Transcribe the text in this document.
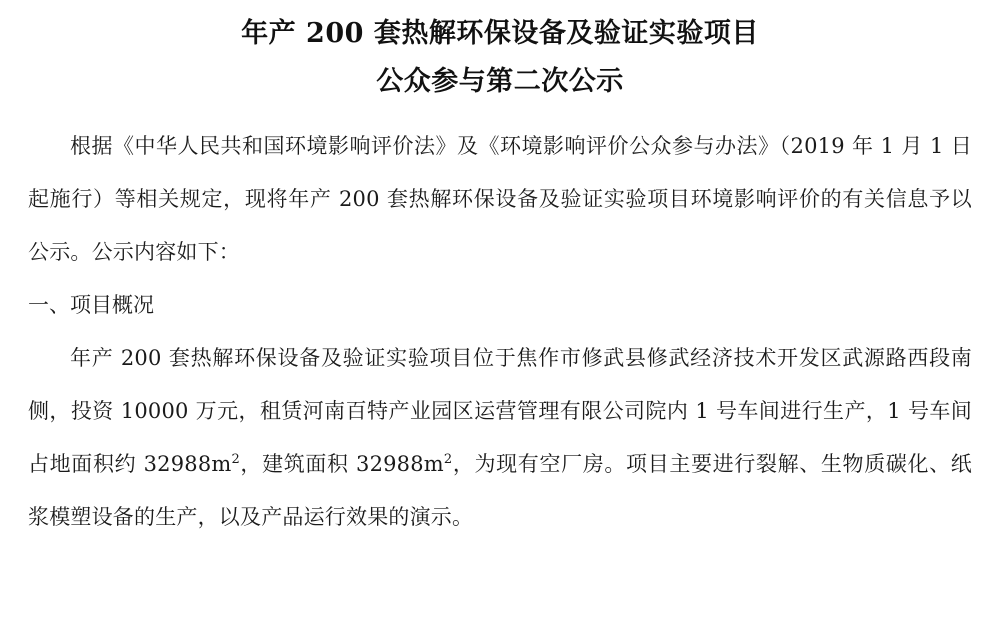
年产 200 套热解环保设备及验证实验项目
公众参与第二次公示

根据《中华人民共和国环境影响评价法》及《环境影响评价公众参与办法》（2019 年 1 月 1 日起施行）等相关规定，现将年产 200 套热解环保设备及验证实验项目环境影响评价的有关信息予以公示。公示内容如下：

一、项目概况

年产 200 套热解环保设备及验证实验项目位于焦作市修武县修武经济技术开发区武源路西段南侧，投资 10000 万元，租赁河南百特产业园区运营管理有限公司院内 1 号车间进行生产，1 号车间占地面积约 $32988m^2$，建筑面积 $32988m^2$，为现有空厂房。项目主要进行裂解、生物质碳化、纸浆模塑设备的生产，以及产品运行效果的演示。
